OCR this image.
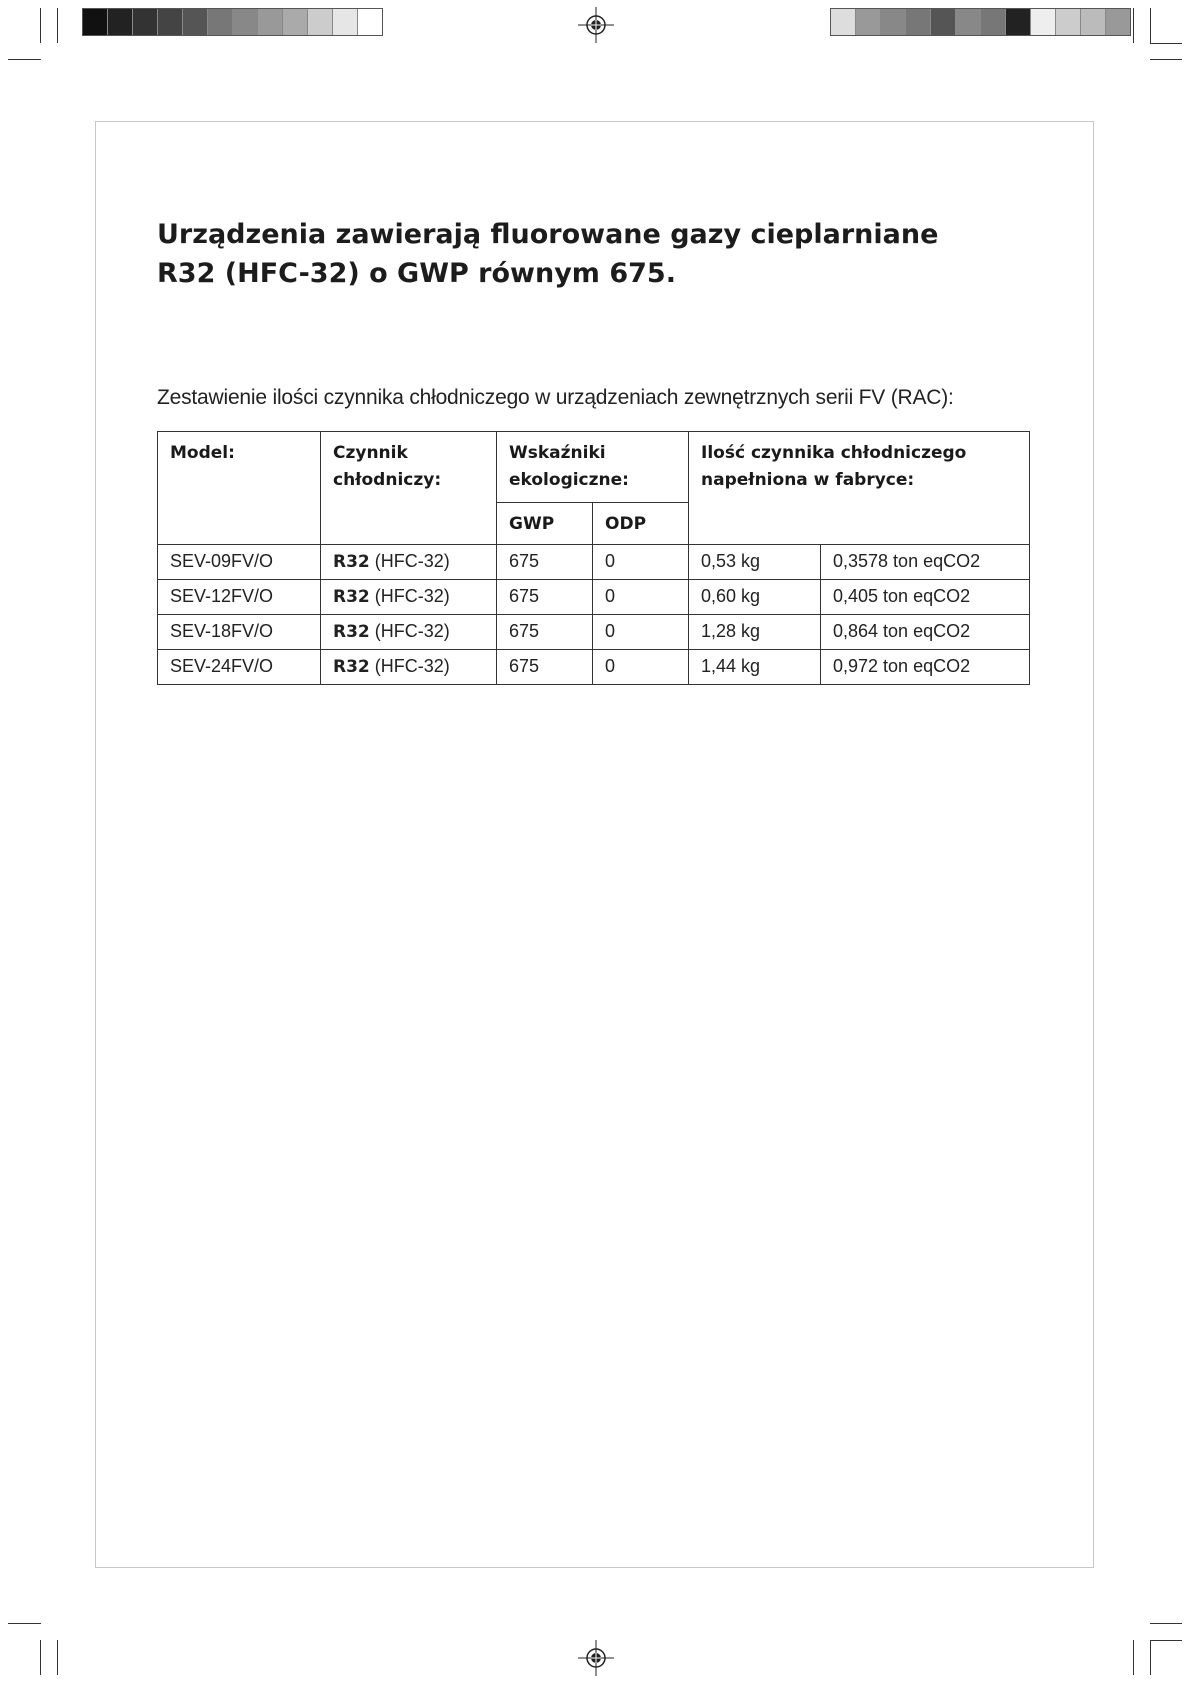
Urządzenia zawierają fluorowane gazy cieplarniane
R32 (HFC-32) o GWP równym 675.

Zestawienie ilości czynnika chłodniczego w urządzeniach zewnętrznych serii FV (RAC):

Model:	Czynnik chłodniczy:	Wskaźniki ekologiczne:		Ilość czynnika chłodniczego napełniona w fabryce:	
		GWP	ODP		
SEV-09FV/O	R32 (HFC-32)	675	0	0,53 kg	0,3578 ton eqCO2
SEV-12FV/O	R32 (HFC-32)	675	0	0,60 kg	0,405 ton eqCO2
SEV-18FV/O	R32 (HFC-32)	675	0	1,28 kg	0,864 ton eqCO2
SEV-24FV/O	R32 (HFC-32)	675	0	1,44 kg	0,972 ton eqCO2
